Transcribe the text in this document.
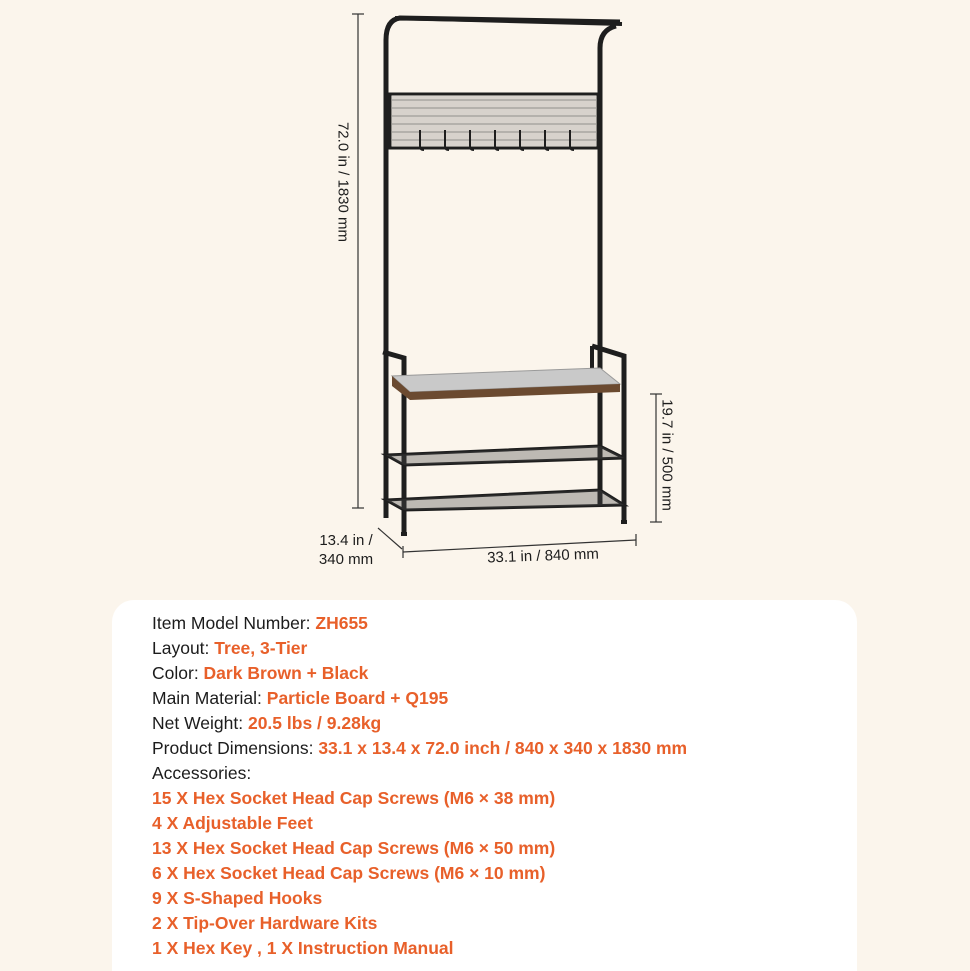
72.0 in / 1830 mm
19.7 in / 500 mm
33.1 in / 840 mm
13.4 in /
340 mm
Item Model Number: ZH655
Layout: Tree, 3-Tier
Color: Dark Brown + Black
Main Material: Particle Board + Q195
Net Weight: 20.5 lbs / 9.28kg
Product Dimensions: 33.1 x 13.4 x 72.0 inch / 840 x 340 x 1830 mm
Accessories:
15 X Hex Socket Head Cap Screws (M6 × 38 mm)
4 X Adjustable Feet
13 X Hex Socket Head Cap Screws (M6 × 50 mm)
6 X Hex Socket Head Cap Screws (M6 × 10 mm)
9 X S-Shaped Hooks
2 X Tip-Over Hardware Kits
1 X Hex Key , 1 X Instruction Manual
